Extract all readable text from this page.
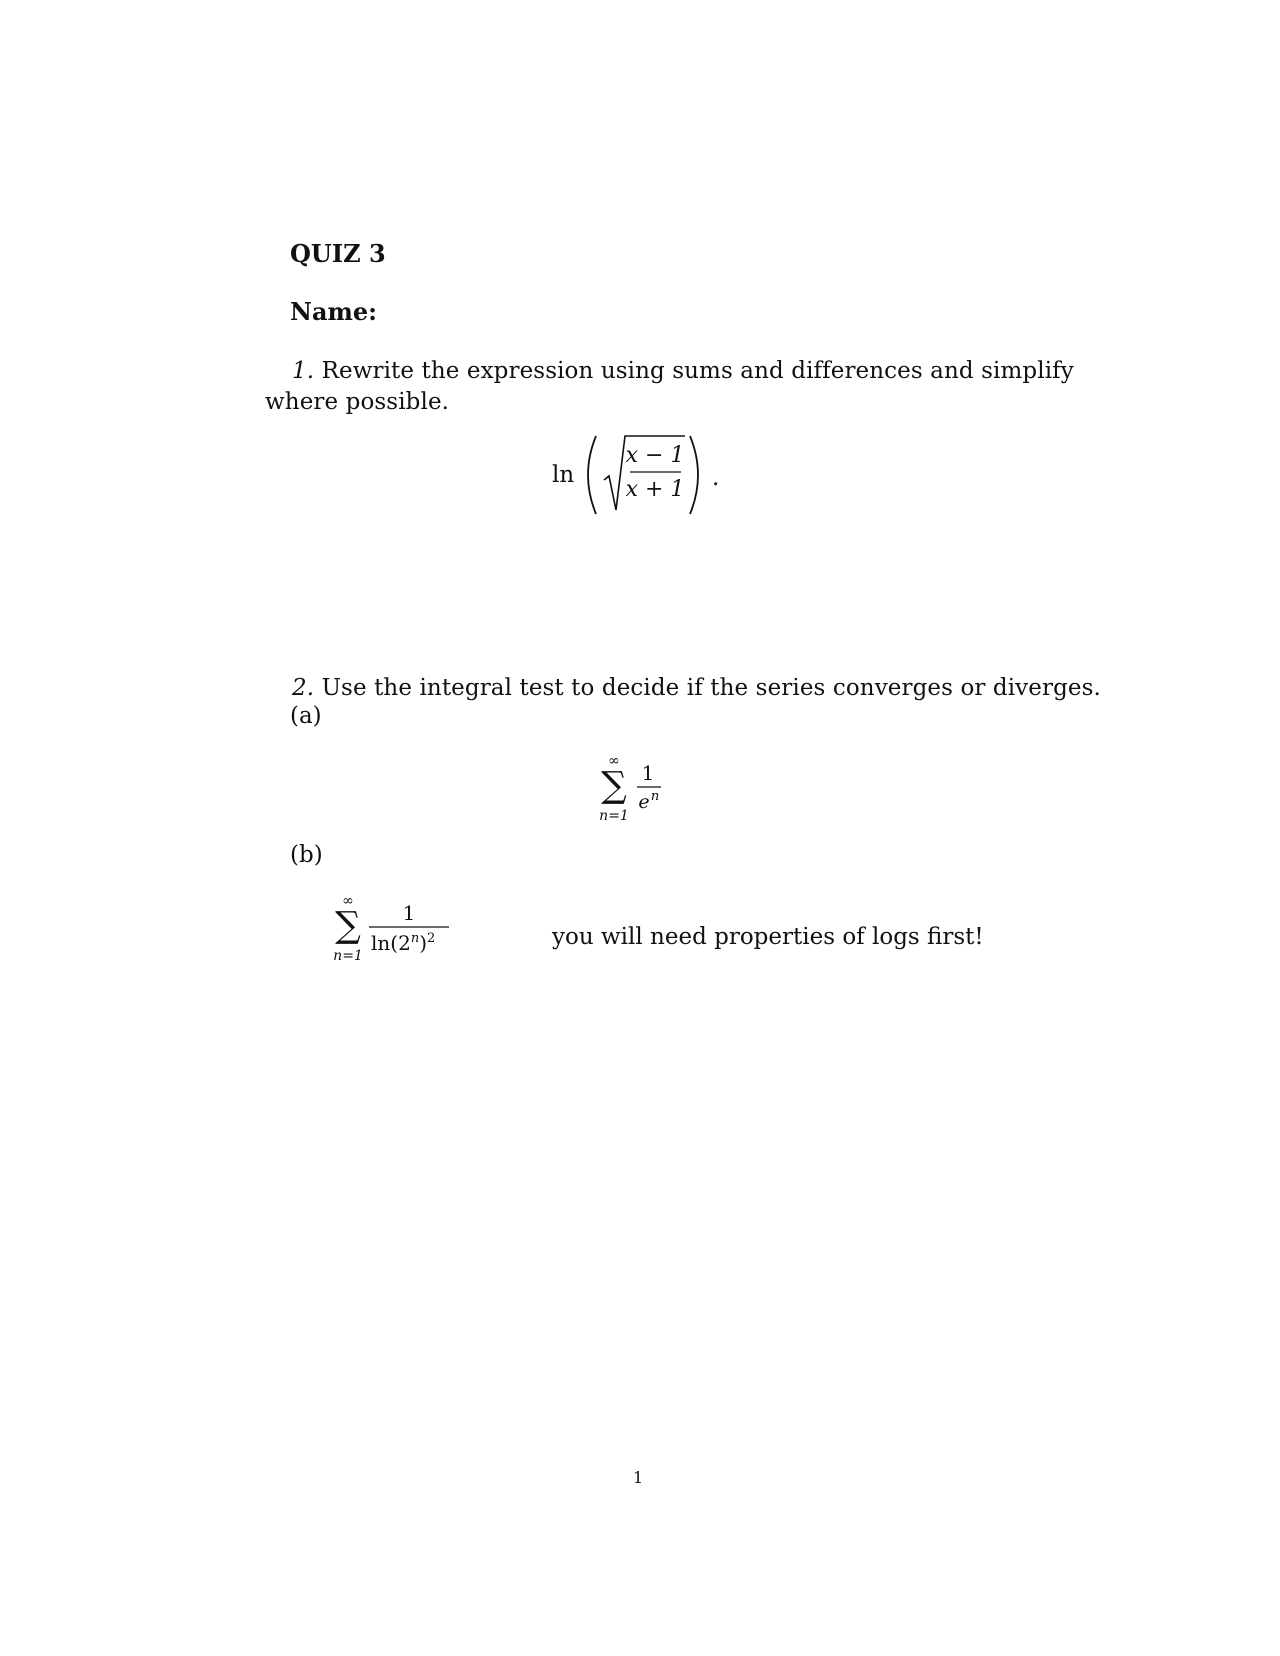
QUIZ 3
Name:
1. Rewrite the expression using sums and differences and simplify
where possible.
ln
x − 1
x + 1 .
2. Use the integral test to decide if the series converges or diverges.
(a)
∞
∑
n=1
1
e n
(b)
∞
∑
n=1
1
$\ln(2^n)^2$	you will need properties of logs first!
1
